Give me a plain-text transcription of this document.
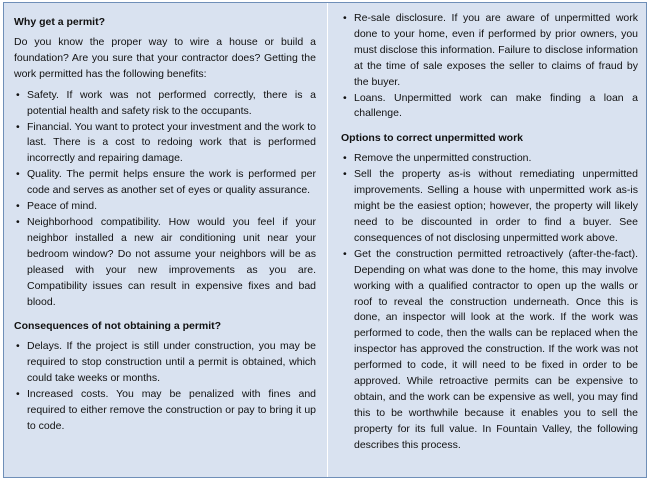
Why get a permit?

Do you know the proper way to wire a house or build a foundation? Are you sure that your contractor does? Getting the work permitted has the following benefits:

• Safety. If work was not performed correctly, there is a potential health and safety risk to the occupants.
• Financial. You want to protect your investment and the work to last. There is a cost to redoing work that is performed incorrectly and repairing damage.
• Quality. The permit helps ensure the work is performed per code and serves as another set of eyes or quality assurance.
• Peace of mind.
• Neighborhood compatibility. How would you feel if your neighbor installed a new air conditioning unit near your bedroom window? Do not assume your neighbors will be as pleased with your new improvements as you are. Compatibility issues can result in expensive fixes and bad blood.
Consequences of not obtaining a permit?
• Delays. If the project is still under construction, you may be required to stop construction until a permit is obtained, which could take weeks or months.
• Increased costs. You may be penalized with fines and required to either remove the construction or pay to bring it up to code.
• Re-sale disclosure. If you are aware of unpermitted work done to your home, even if performed by prior owners, you must disclose this information. Failure to disclose information at the time of sale exposes the seller to claims of fraud by the buyer.
• Loans. Unpermitted work can make finding a loan a challenge.
Options to correct unpermitted work
• Remove the unpermitted construction.
• Sell the property as-is without remediating unpermitted improvements. Selling a house with unpermitted work as-is might be the easiest option; however, the property will likely need to be discounted in order to find a buyer. See consequences of not disclosing unpermitted work above.
• Get the construction permitted retroactively (after-the-fact). Depending on what was done to the home, this may involve working with a qualified contractor to open up the walls or roof to reveal the construction underneath. Once this is done, an inspector will look at the work. If the work was performed to code, then the walls can be replaced when the inspector has approved the construction. If the work was not performed to code, it will need to be fixed in order to be approved. While retroactive permits can be expensive to obtain, and the work can be expensive as well, you may find this to be worthwhile because it enables you to sell the property for its full value. In Fountain Valley, the following describes this process.
